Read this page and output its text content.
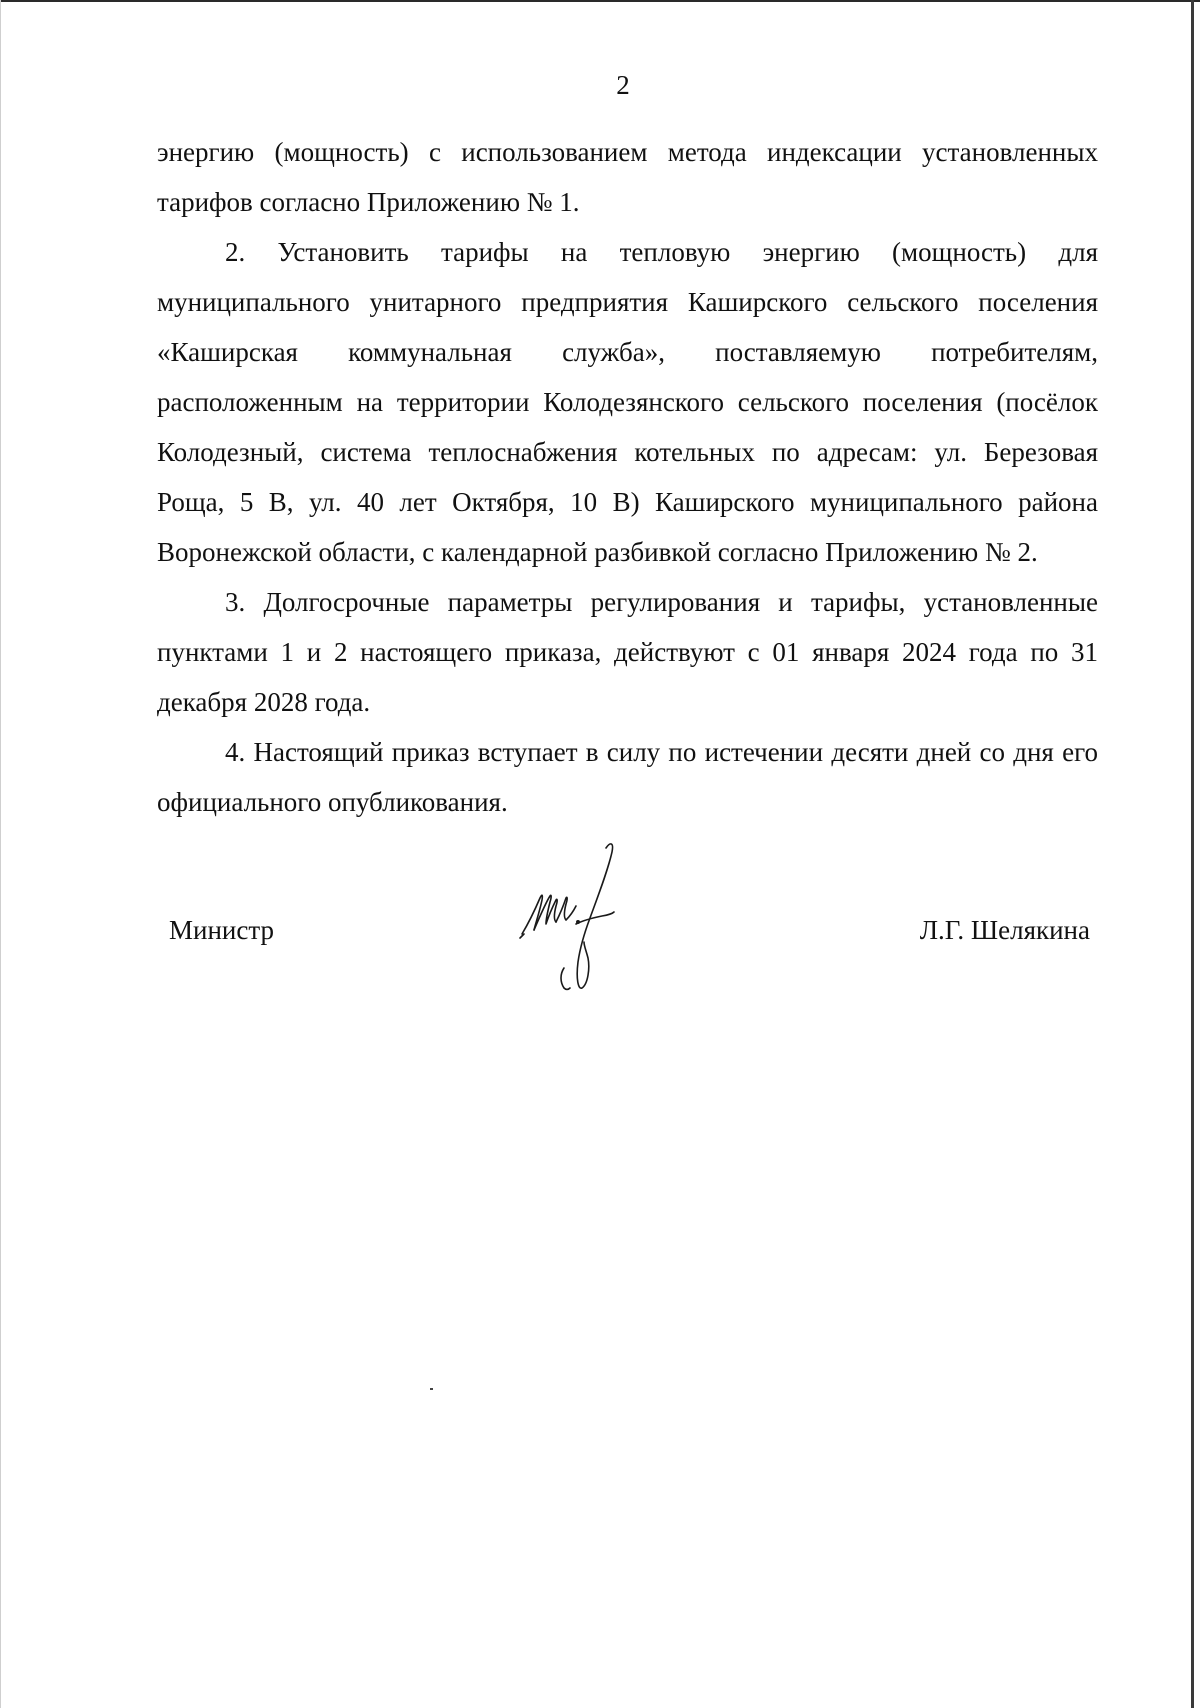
2

энергию (мощность) с использованием метода индексации установленных тарифов согласно Приложению № 1.

2. Установить тарифы на тепловую энергию (мощность) для муниципального унитарного предприятия Каширского сельского поселения «Каширская коммунальная служба», поставляемую потребителям, расположенным на территории Колодезянского сельского поселения (посёлок Колодезный, система теплоснабжения котельных по адресам: ул. Березовая Роща, 5 В, ул. 40 лет Октября, 10 В) Каширского муниципального района Воронежской области, с календарной разбивкой согласно Приложению № 2.

3. Долгосрочные параметры регулирования и тарифы, установленные пунктами 1 и 2 настоящего приказа, действуют с 01 января 2024 года по 31 декабря 2028 года.

4. Настоящий приказ вступает в силу по истечении десяти дней со дня его официального опубликования.

Министр	Л.Г. Шелякина
